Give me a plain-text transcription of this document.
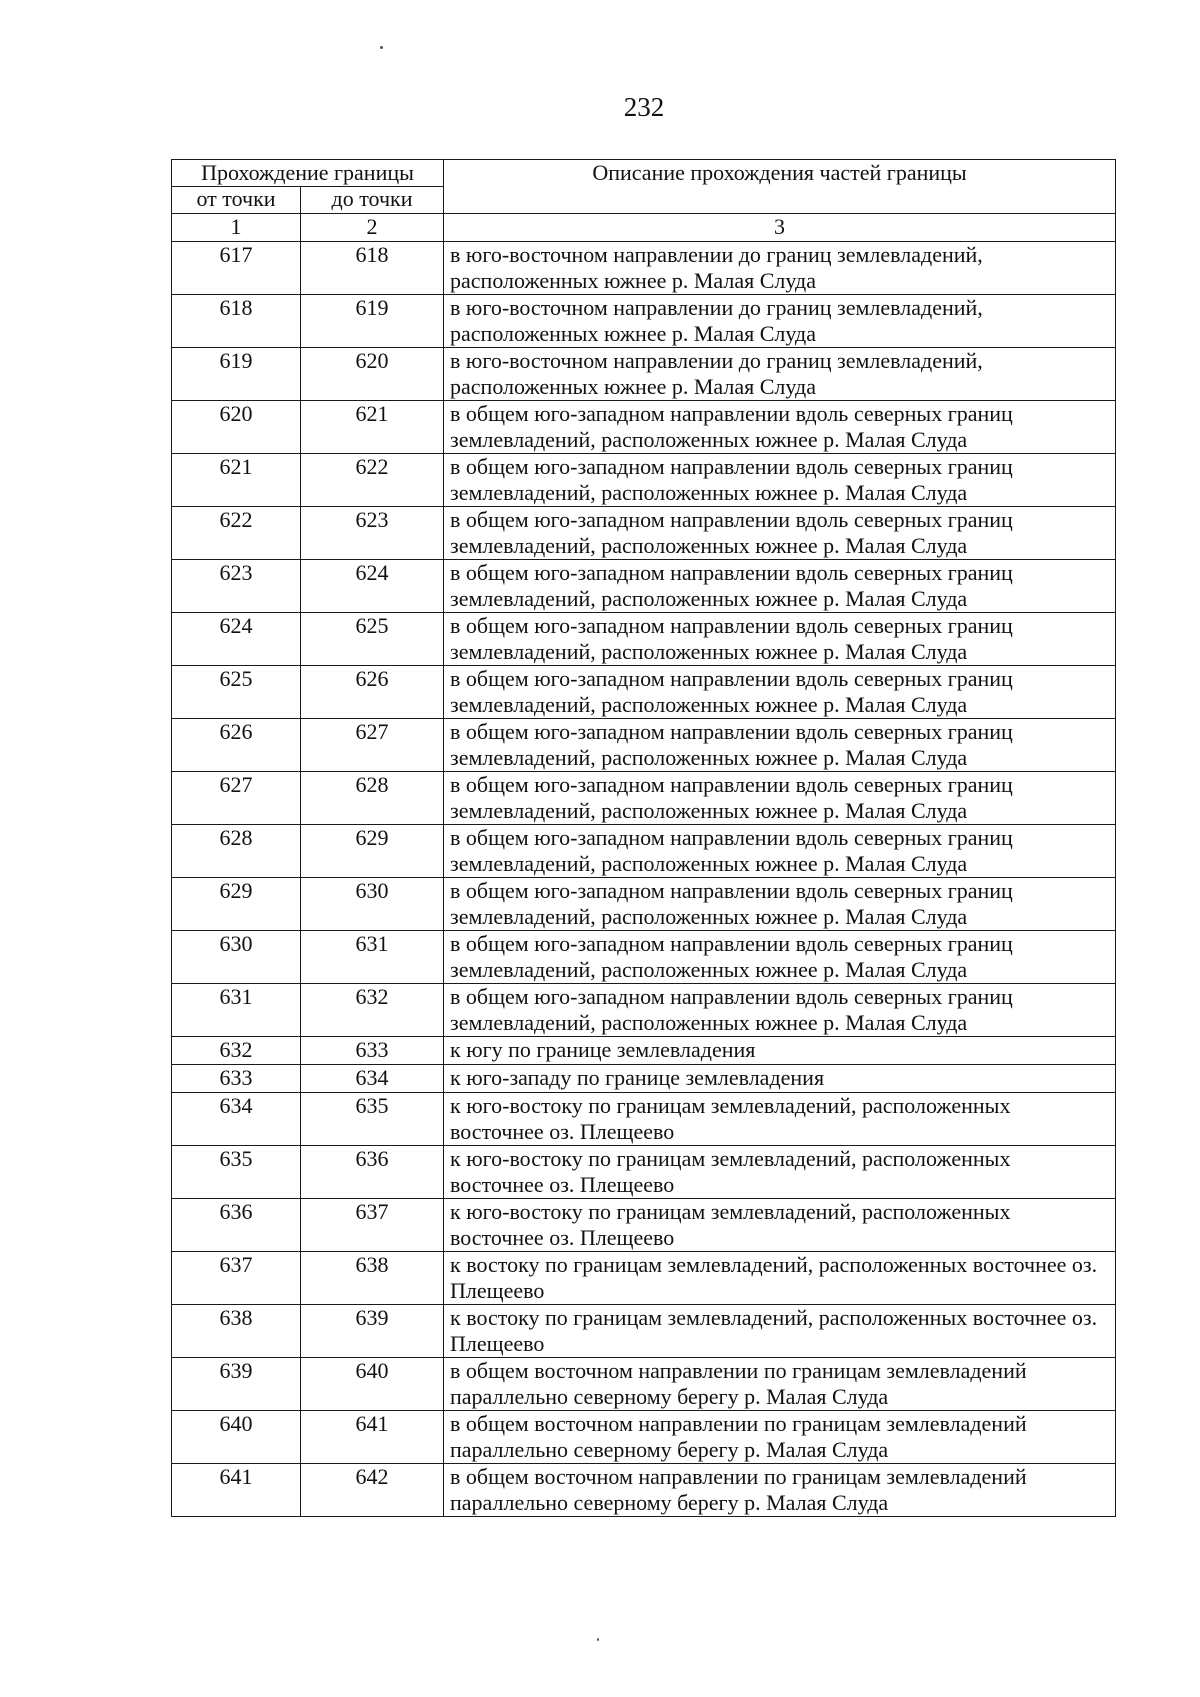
232
Прохождение границы		Описание прохождения частей границы
от точки	до точки	
1	2	3
617	618	в юго-восточном направлении до границ землевладений, расположенных южнее р. Малая Слуда
618	619	в юго-восточном направлении до границ землевладений, расположенных южнее р. Малая Слуда
619	620	в юго-восточном направлении до границ землевладений, расположенных южнее р. Малая Слуда
620	621	в общем юго-западном направлении вдоль северных границ землевладений, расположенных южнее р. Малая Слуда
621	622	в общем юго-западном направлении вдоль северных границ землевладений, расположенных южнее р. Малая Слуда
622	623	в общем юго-западном направлении вдоль северных границ землевладений, расположенных южнее р. Малая Слуда
623	624	в общем юго-западном направлении вдоль северных границ землевладений, расположенных южнее р. Малая Слуда
624	625	в общем юго-западном направлении вдоль северных границ землевладений, расположенных южнее р. Малая Слуда
625	626	в общем юго-западном направлении вдоль северных границ землевладений, расположенных южнее р. Малая Слуда
626	627	в общем юго-западном направлении вдоль северных границ землевладений, расположенных южнее р. Малая Слуда
627	628	в общем юго-западном направлении вдоль северных границ землевладений, расположенных южнее р. Малая Слуда
628	629	в общем юго-западном направлении вдоль северных границ землевладений, расположенных южнее р. Малая Слуда
629	630	в общем юго-западном направлении вдоль северных границ землевладений, расположенных южнее р. Малая Слуда
630	631	в общем юго-западном направлении вдоль северных границ землевладений, расположенных южнее р. Малая Слуда
631	632	в общем юго-западном направлении вдоль северных границ землевладений, расположенных южнее р. Малая Слуда
632	633	к югу по границе землевладения
633	634	к юго-западу по границе землевладения
634	635	к юго-востоку по границам землевладений, расположенных восточнее оз. Плещеево
635	636	к юго-востоку по границам землевладений, расположенных восточнее оз. Плещеево
636	637	к юго-востоку по границам землевладений, расположенных восточнее оз. Плещеево
637	638	к востоку по границам землевладений, расположенных восточнее оз. Плещеево
638	639	к востоку по границам землевладений, расположенных восточнее оз. Плещеево
639	640	в общем восточном направлении по границам землевладений параллельно северному берегу р. Малая Слуда
640	641	в общем восточном направлении по границам землевладений параллельно северному берегу р. Малая Слуда
641	642	в общем восточном направлении по границам землевладений параллельно северному берегу р. Малая Слуда
